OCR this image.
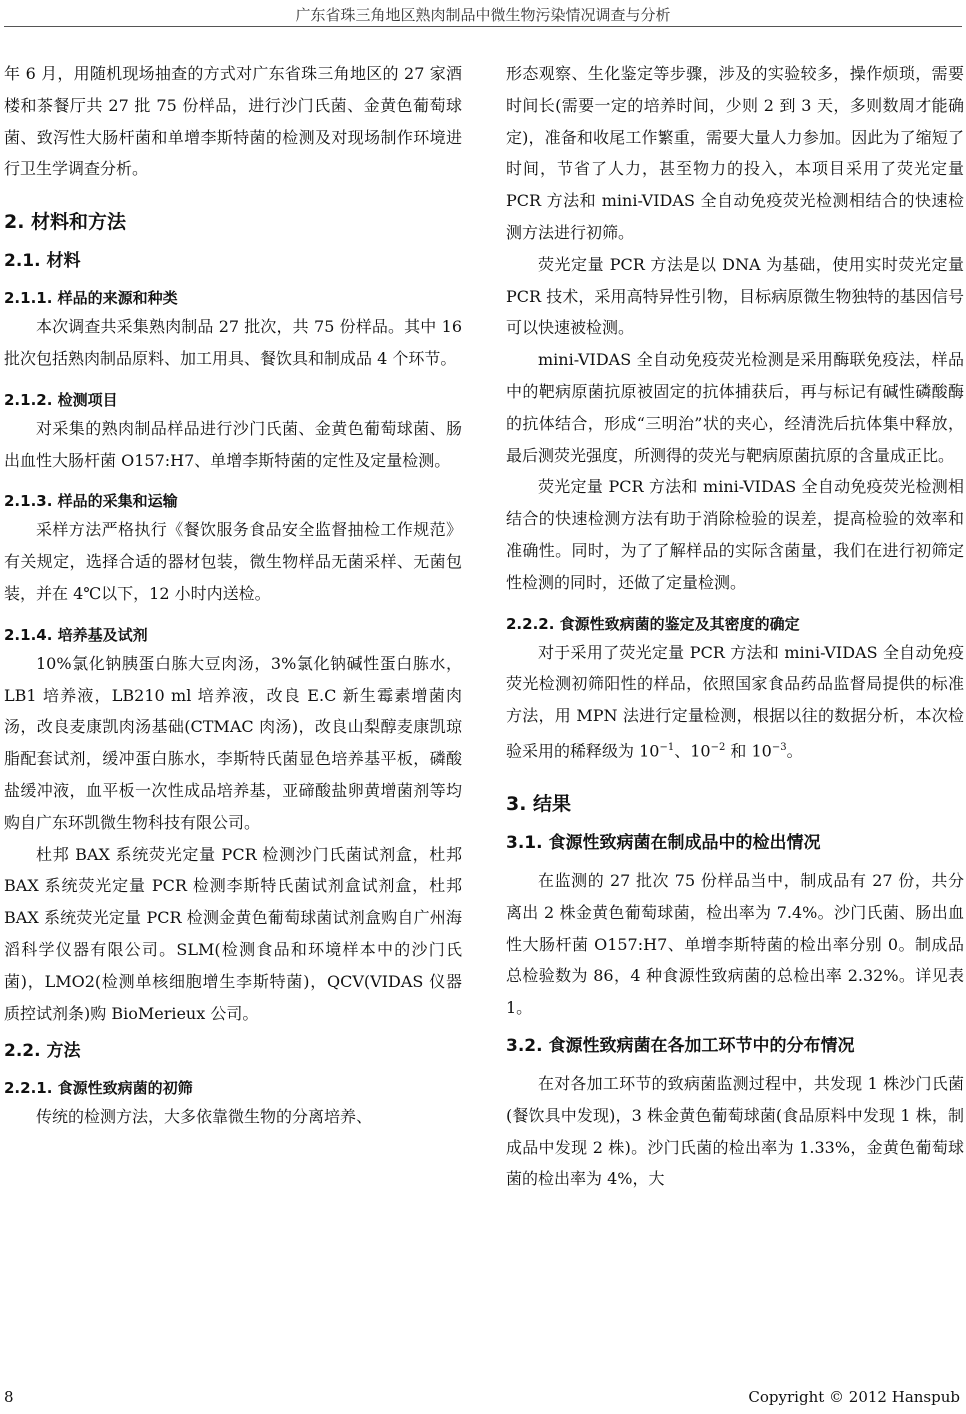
广东省珠三角地区熟肉制品中微生物污染情况调查与分析

年 6 月，用随机现场抽查的方式对广东省珠三角地区的 27 家酒楼和茶餐厅共 27 批 75 份样品，进行沙门氏菌、金黄色葡萄球菌、致泻性大肠杆菌和单增李斯特菌的检测及对现场制作环境进行卫生学调查分析。

2. 材料和方法
2.1. 材料
2.1.1. 样品的来源和种类

本次调查共采集熟肉制品 27 批次，共 75 份样品。其中 16 批次包括熟肉制品原料、加工用具、餐饮具和制成品 4 个环节。

2.1.2. 检测项目

对采集的熟肉制品样品进行沙门氏菌、金黄色葡萄球菌、肠出血性大肠杆菌 O157:H7、单增李斯特菌的定性及定量检测。

2.1.3. 样品的采集和运输

采样方法严格执行《餐饮服务食品安全监督抽检工作规范》有关规定，选择合适的器材包装，微生物样品无菌采样、无菌包装，并在 4℃以下，12 小时内送检。

2.1.4. 培养基及试剂

10%氯化钠胰蛋白胨大豆肉汤，3%氯化钠碱性蛋白胨水，LB1 培养液，LB210 ml 培养液，改良 E.C 新生霉素增菌肉汤，改良麦康凯肉汤基础(CTMAC 肉汤)，改良山梨醇麦康凯琼脂配套试剂，缓冲蛋白胨水，李斯特氏菌显色培养基平板，磷酸盐缓冲液，血平板一次性成品培养基，亚碲酸盐卵黄增菌剂等均购自广东环凯微生物科技有限公司。

杜邦 BAX 系统荧光定量 PCR 检测沙门氏菌试剂盒，杜邦 BAX 系统荧光定量 PCR 检测李斯特氏菌试剂盒试剂盒，杜邦 BAX 系统荧光定量 PCR 检测金黄色葡萄球菌试剂盒购自广州海滔科学仪器有限公司。SLM(检测食品和环境样本中的沙门氏菌)，LMO2(检测单核细胞增生李斯特菌)，QCV(VIDAS 仪器质控试剂条)购 BioMerieux 公司。

2.2. 方法
2.2.1. 食源性致病菌的初筛

传统的检测方法，大多依靠微生物的分离培养、

形态观察、生化鉴定等步骤，涉及的实验较多，操作烦琐，需要时间长(需要一定的培养时间，少则 2 到 3 天，多则数周才能确定)，准备和收尾工作繁重，需要大量人力参加。因此为了缩短了时间，节省了人力，甚至物力的投入，本项目采用了荧光定量 PCR 方法和 mini-VIDAS 全自动免疫荧光检测相结合的快速检测方法进行初筛。

荧光定量 PCR 方法是以 DNA 为基础，使用实时荧光定量 PCR 技术，采用高特异性引物，目标病原微生物独特的基因信号可以快速被检测。

mini-VIDAS 全自动免疫荧光检测是采用酶联免疫法，样品中的靶病原菌抗原被固定的抗体捕获后，再与标记有碱性磷酸酶的抗体结合，形成“三明治”状的夹心，经清洗后抗体集中释放，最后测荧光强度，所测得的荧光与靶病原菌抗原的含量成正比。

荧光定量 PCR 方法和 mini-VIDAS 全自动免疫荧光检测相结合的快速检测方法有助于消除检验的误差，提高检验的效率和准确性。同时，为了了解样品的实际含菌量，我们在进行初筛定性检测的同时，还做了定量检测。

2.2.2. 食源性致病菌的鉴定及其密度的确定

对于采用了荧光定量 PCR 方法和 mini-VIDAS 全自动免疫荧光检测初筛阳性的样品，依照国家食品药品监督局提供的标准方法，用 MPN 法进行定量检测，根据以往的数据分析，本次检验采用的稀释级为 $10^{-1}$、$10^{-2}$ 和 $10^{-3}$。

3. 结果
3.1. 食源性致病菌在制成品中的检出情况

在监测的 27 批次 75 份样品当中，制成品有 27 份，共分离出 2 株金黄色葡萄球菌，检出率为 7.4%。沙门氏菌、肠出血性大肠杆菌 O157:H7、单增李斯特菌的检出率分别 0。制成品总检验数为 86，4 种食源性致病菌的总检出率 2.32%。详见表 1。

3.2. 食源性致病菌在各加工环节中的分布情况

在对各加工环节的致病菌监测过程中，共发现 1 株沙门氏菌(餐饮具中发现)，3 株金黄色葡萄球菌(食品原料中发现 1 株，制成品中发现 2 株)。沙门氏菌的检出率为 1.33%，金黄色葡萄球菌的检出率为 4%，大

8	Copyright © 2012 Hanspub
